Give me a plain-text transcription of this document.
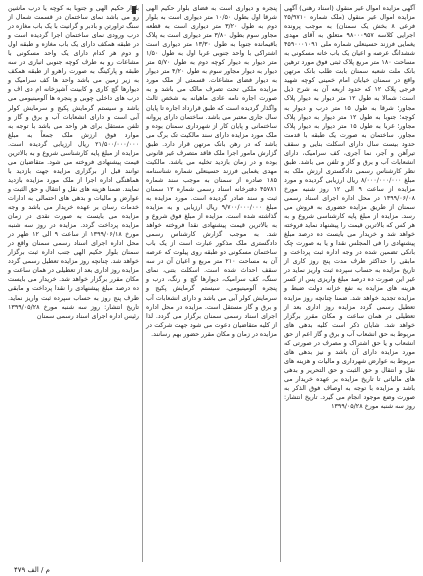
آگهی مزایده اموال غیر منقول (اسناد رهنی) آگهی مزایده اموال غیر منقول (ملک شماره ۲۵/۹۷۱۰ فرعی ۸ بخش یک سمنان) به موجب پرونده اجرایی کلاسه ۹۸۰۰۰۹۵۷ متعلق به آقای مهدی یغمایی فرزند حسینعلی شماره ملی ۴۵۹۰۰۰۱۰۹۱ ششدانگ عرصه و اعیان یک باب خانه مسکونی به مساحت ۱۸۰ متر مربع پلاک ثبتی فوق مورد ترهین بانک ملت شعبه سمنان بابت طلب بانک مرتهن واقع در سمنان خیابان امام خمینی کوچه شهید فرجی پلاک ۱۲ که حدود اربعه آن به شرح ذیل است: شمالا به طول ۱۲ متر دیوار به دیوار پلاک مجاور؛ شرقا به طول ۱۵ متر درب و دیوار به کوچه؛ جنوبا به طول ۱۲ متر دیوار به دیوار پلاک مجاور؛ غربا به طول ۱۵ متر دیوار به دیوار پلاک مجاور. ساختمان به صورت یک طبقه با قدمت حدود بیست سال دارای اسکلت بنایی و سقف تیرآهن و آجر، نما آجری، کف سرامیک، دارای انشعابات آب و برق و گاز و تلفن می باشد. طبق نظر کارشناس رسمی دادگستری ارزش ملک به مبلغ ۸/۰۰۰/۰۰۰/۰۰۰ ریال ارزیابی گردیده و مورد مزایده از ساعت ۹ الی ۱۲ روز شنبه مورخ ۱۳۹۹/۰۶/۰۸ در محل اداره اجرای اسناد رسمی سمنان از طریق مزایده حضوری به فروش می رسد. مزایده از مبلغ پایه کارشناسی شروع و به هر کس که بالاترین قیمت را پیشنهاد نماید فروخته خواهد شد و خریدار می بایست ده درصد مبلغ پیشنهادی را فی المجلس نقدا و یا به صورت چک بانکی تضمین شده در وجه اداره ثبت پرداخت و مابقی را حداکثر ظرف مدت پنج روز کاری از تاریخ مزایده به حساب سپرده ثبت واریز نماید در غیر این صورت ده درصد مبلغ واریزی پس از کسر هزینه های مزایده به نفع خزانه دولت ضبط و مزایده تجدید خواهد شد. ضمنا چنانچه روز مزایده تعطیل رسمی گردد مزایده روز اداری بعد از تعطیلی در همان ساعت و مکان مقرر برگزار خواهد شد. شایان ذکر است کلیه بدهی های مربوط به حق انشعاب آب و برق و گاز اعم از حق انشعاب و یا حق اشتراک و مصرف در صورتی که مورد مزایده دارای آن باشد و نیز بدهی های مربوط به عوارض شهرداری و مالیات و هزینه های نقل و انتقال و حق الثبت و حق التحریر و بدهی های مالیاتی تا تاریخ مزایده بر عهده خریدار می باشد و مزایده با توجه به اوصاف فوق الذکر به صورت وضع موجود انجام می گیرد. تاریخ انتشار: روز سه شنبه مورخ ۱۳۹۹/۰۵/۲۸

پنجره و دیواری است به فضای بلوار حکیم الهی شرقا اول بطول ۱۰/۵۰ متر دیواری است به بلوار دوم به طول ۳/۲۰ متر دیواری است به قطعه مجاور سوم بطول ۳/۸۰ متر دیواری است به پلاک باقیمانده جنوبا به طول ۱۳/۳۰ متر دیواری است اشتراکی با واحد جنوبی غربا اول به طول ۱/۵۰ متر دیوار به دیوار کوچه دوم به طول ۵/۷۰ متر دیوار به دیوار مجاور سوم به طول ۴/۲۰ متر دیوار به دیوار فضای مشاعات. قسمتی از ملک مورد مزایده ملکی تحت تصرف مالک می باشد و به صورت اجاره نامه عادی ماهیانه به شخص ثالث واگذار گردیده است که طبق قرارداد اجاره تا پایان سال جاری معتبر می باشد. ساختمان دارای پروانه ساختمانی و پایان کار از شهرداری سمنان بوده و ملک مورد مزایده دارای سند مالکیت تک برگ می باشد که در رهن بانک مرتهن قرار دارد. طبق گزارش مامور اجرا ملک فاقد متصرف غیر قانونی بوده و در زمان بازدید تخلیه می باشد. مالکیت مهدی یغمایی فرزند حسینعلی شماره شناسنامه ۱۸۵ صادره از سمنان به موجب سند شماره ۴۵۷۸۱ دفترخانه اسناد رسمی شماره ۱۲ سمنان ثبت و سند صادر گردیده است. مورد مزایده به مبلغ ۹/۷۰۰/۰۰۰/۰۰۰ ریال ارزیابی و به مزایده گذاشته شده است. مزایده از مبلغ فوق شروع و به بالاترین قیمت پیشنهادی نقدا فروخته خواهد شد. به موجب گزارش کارشناس رسمی دادگستری ملک مذکور عبارت است از یک باب ساختمان مسکونی دو طبقه روی پیلوت که عرصه آن به مساحت ۲۱۰ متر مربع و اعیان آن در سه سقف احداث شده است. اسکلت بتنی، نمای سنگ، کف سرامیک، دیوارها گچ و رنگ، درب و پنجره آلومینیومی، سیستم گرمایش پکیج و سرمایش کولر آبی می باشد و دارای انشعابات آب و برق و گاز مستقل است. مزایده در محل اداره اجرای اسناد رسمی سمنان برگزار می گردد. لذا از کلیه متقاضیان دعوت می شود جهت شرکت در مزایده در زمان و مکان مقرر حضور بهم رسانند.

بلوار حکیم الهی و جنوبا به کوچه یا درب ماشین رو می باشد نمای ساختمان در قسمت شمال از سنگ تراورتن و بادبر و گرانیت با یک باب مغازه در درب ورودی نمای ساختمان اجرا گردیده است و در طبقه همکف دارای یک باب مغازه و طبقه اول و دوم هر کدام دارای یک واحد مسکونی با مشاعات رو به طرف کوچه جنوبی انباری در سه طبقه و پارکینگ به صورت راهرو از طبقه همکف به زیر زمین می باشد واحد ها کف سرامیک و دیوارها گچ کاری و کابینت آشپزخانه ام دی اف و درب های داخلی چوبی و پنجره ها آلومینیومی می باشد و سیستم گرمایش پکیج و سرمایش کولر آبی است و دارای انشعابات آب و برق و گاز و تلفن مستقل برای هر واحد می باشد با توجه به موارد فوق ارزش ملک جمعاً به مبلغ ۲۱/۵۰۰/۰۰۰/۰۰۰ ریال ارزیابی گردیده است. مزایده از مبلغ پایه کارشناسی شروع و به بالاترین قیمت پیشنهادی فروخته می شود. متقاضیان می توانند قبل از برگزاری مزایده جهت بازدید با هماهنگی اداره اجرا از ملک مورد مزایده بازدید نمایند. ضمنا هزینه های نقل و انتقال و حق الثبت و عوارض و مالیات و بدهی های احتمالی به ادارات خدمات رسان بر عهده خریدار می باشد و وجه مزایده می بایست به صورت نقدی در زمان مزایده پرداخت گردد. مزایده در روز سه شنبه مورخ ۱۳۹۹/۰۶/۱۸ از ساعت ۹ الی ۱۲ ظهر در محل اداره اجرای اسناد رسمی سمنان واقع در سمنان بلوار حکیم الهی جنب اداره ثبت برگزار خواهد شد. چنانچه روز مزایده تعطیل رسمی گردد مزایده روز اداری بعد از تعطیلی در همان ساعت و مکان مقرر برگزار خواهد شد. خریدار می بایست ده درصد مبلغ پیشنهادی را نقدا پرداخت و مابقی ظرف پنج روز به حساب سپرده ثبت واریز نماید. تاریخ انتشار: روز سه شنبه مورخ ۱۳۹۹/۰۵/۲۸ رئیس اداره اجرای اسناد رسمی سمنان

م / الف ۴۷۹
